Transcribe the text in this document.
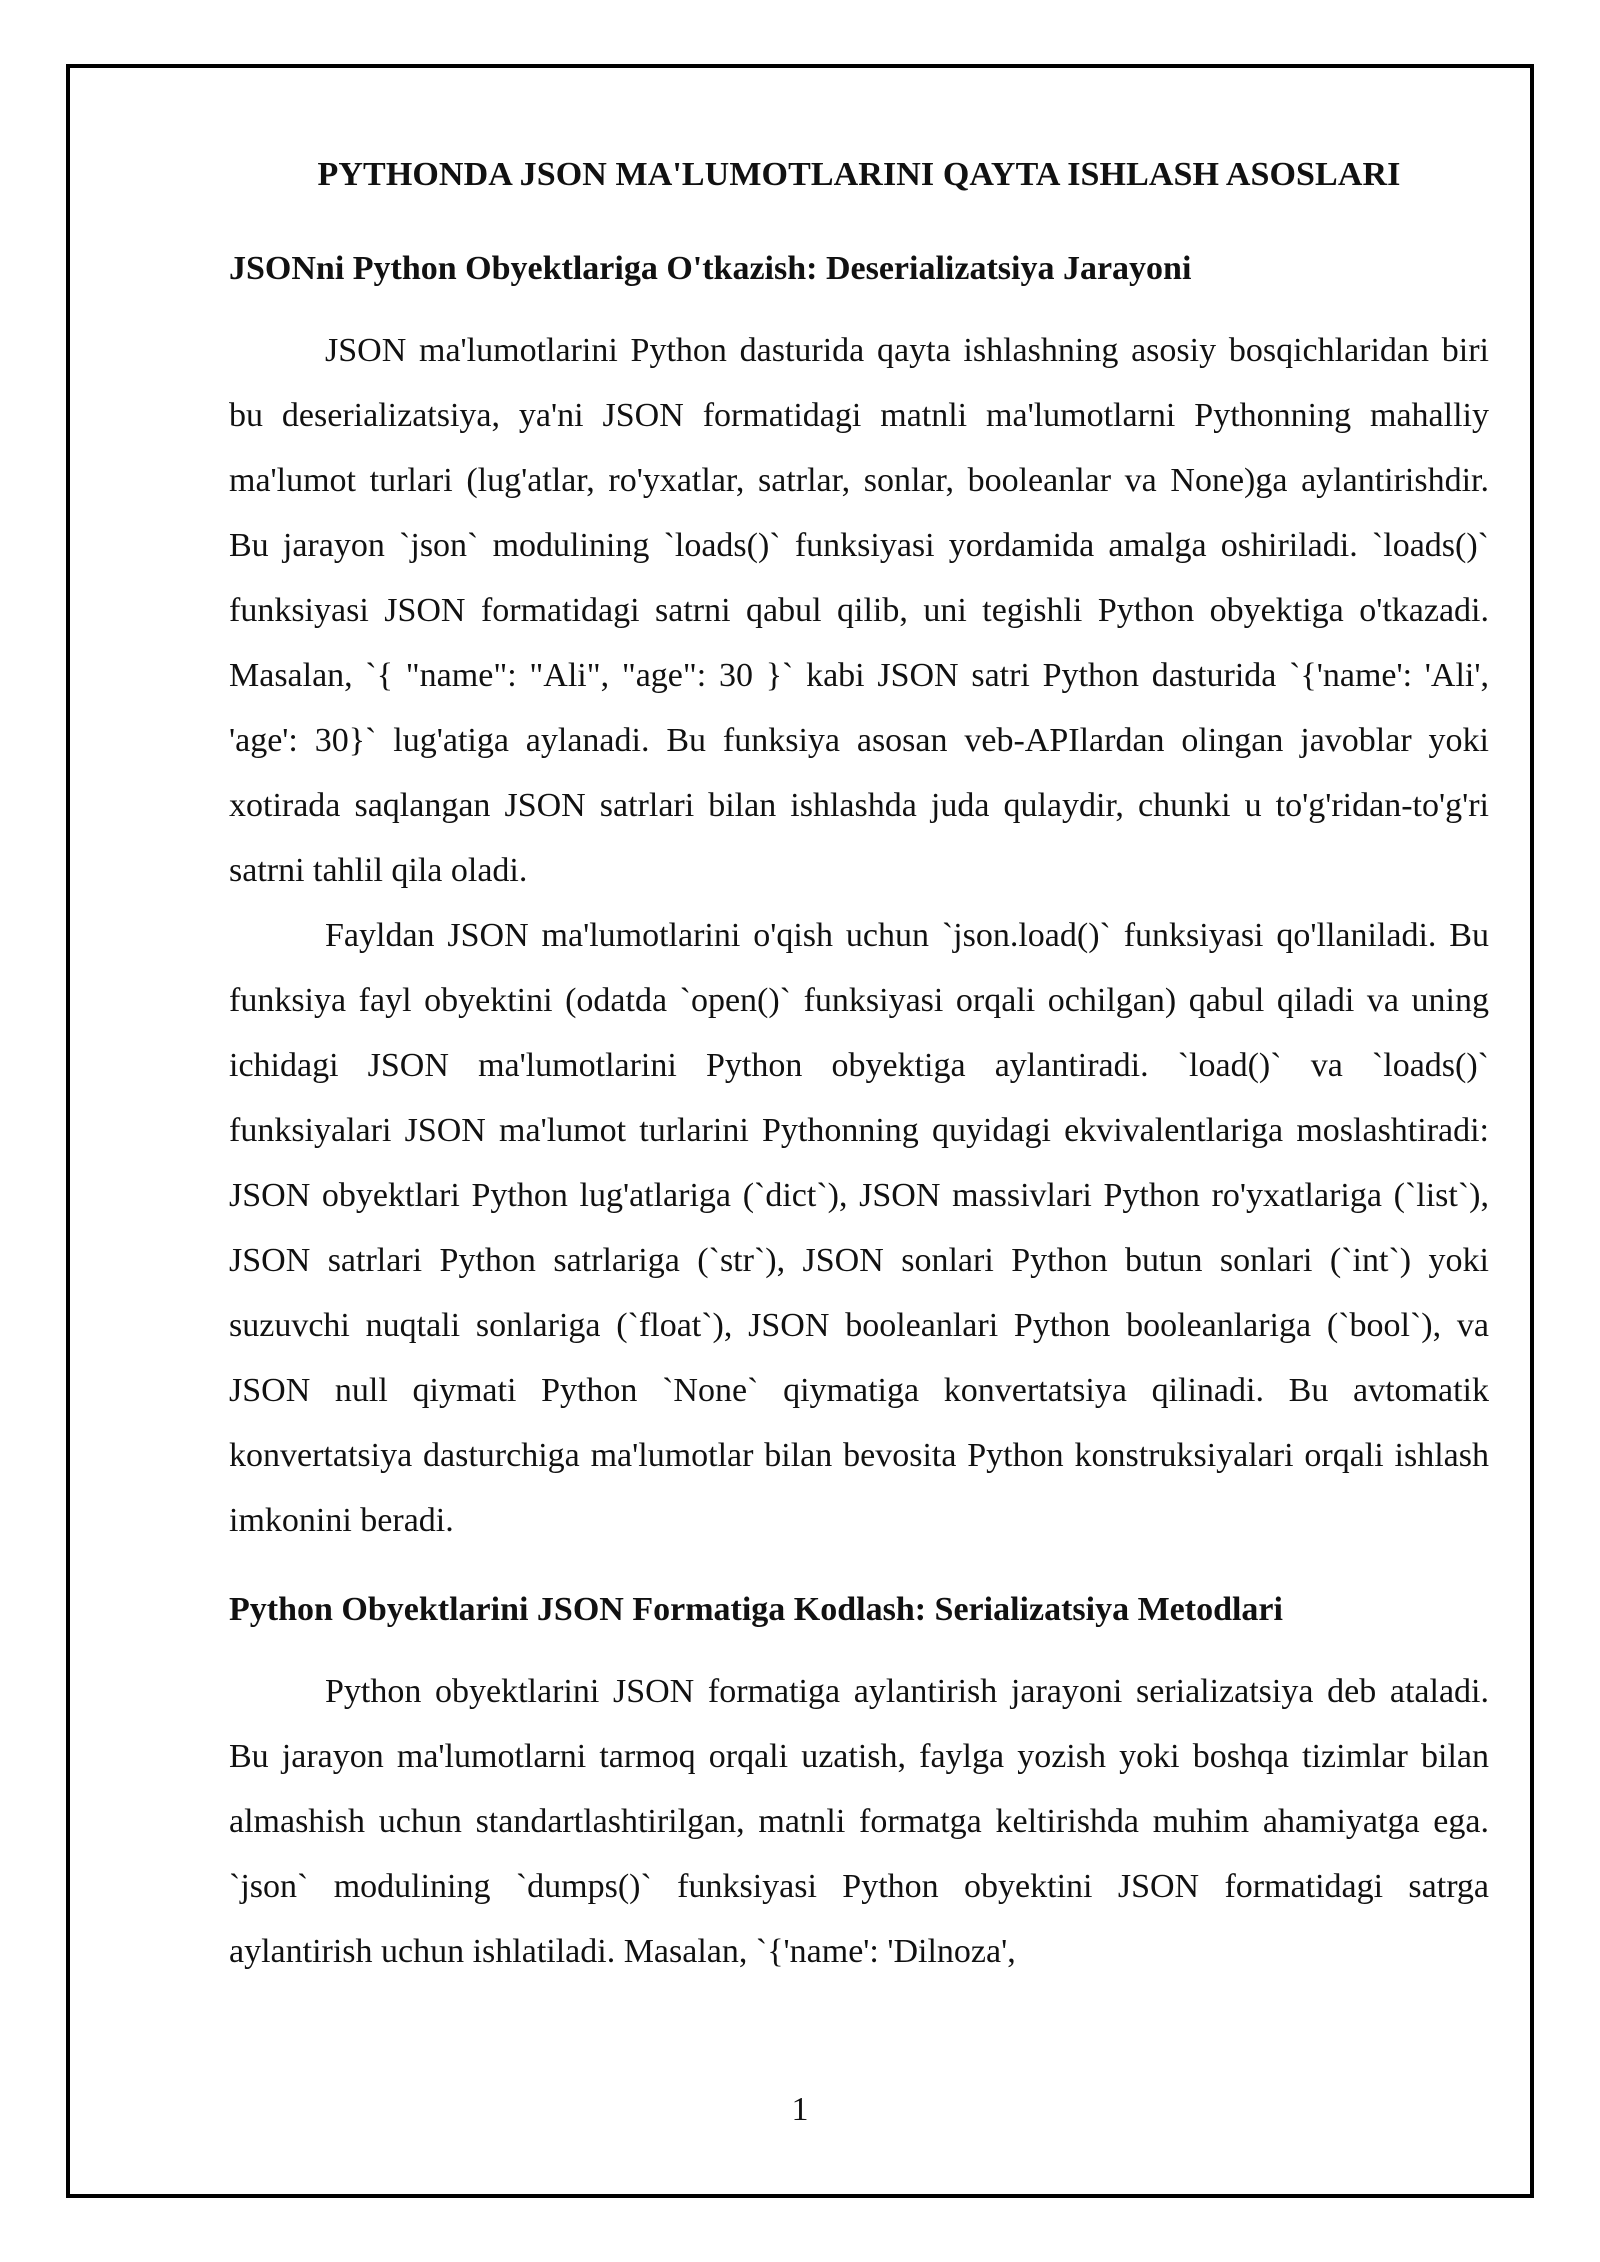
PYTHONDA JSON MA'LUMOTLARINI QAYTA ISHLASH ASOSLARI
JSONni Python Obyektlariga O'tkazish: Deserializatsiya Jarayoni

JSON ma'lumotlarini Python dasturida qayta ishlashning asosiy bosqichlaridan biri bu deserializatsiya, ya'ni JSON formatidagi matnli ma'lumotlarni Pythonning mahalliy ma'lumot turlari (lug'atlar, ro'yxatlar, satrlar, sonlar, booleanlar va None)ga aylantirishdir. Bu jarayon `json` modulining `loads()` funksiyasi yordamida amalga oshiriladi. `loads()` funksiyasi JSON formatidagi satrni qabul qilib, uni tegishli Python obyektiga o'tkazadi. Masalan, `{ "name": "Ali", "age": 30 }` kabi JSON satri Python dasturida `{'name': 'Ali', 'age': 30}` lug'atiga aylanadi. Bu funksiya asosan veb-APIlardan olingan javoblar yoki xotirada saqlangan JSON satrlari bilan ishlashda juda qulaydir, chunki u to'g'ridan-to'g'ri satrni tahlil qila oladi.

Fayldan JSON ma'lumotlarini o'qish uchun `json.load()` funksiyasi qo'llaniladi. Bu funksiya fayl obyektini (odatda `open()` funksiyasi orqali ochilgan) qabul qiladi va uning ichidagi JSON ma'lumotlarini Python obyektiga aylantiradi. `load()` va `loads()` funksiyalari JSON ma'lumot turlarini Pythonning quyidagi ekvivalentlariga moslashtiradi: JSON obyektlari Python lug'atlariga (`dict`), JSON massivlari Python ro'yxatlariga (`list`), JSON satrlari Python satrlariga (`str`), JSON sonlari Python butun sonlari (`int`) yoki suzuvchi nuqtali sonlariga (`float`), JSON booleanlari Python booleanlariga (`bool`), va JSON null qiymati Python `None` qiymatiga konvertatsiya qilinadi. Bu avtomatik konvertatsiya dasturchiga ma'lumotlar bilan bevosita Python konstruksiyalari orqali ishlash imkonini beradi.

Python Obyektlarini JSON Formatiga Kodlash: Serializatsiya Metodlari

Python obyektlarini JSON formatiga aylantirish jarayoni serializatsiya deb ataladi. Bu jarayon ma'lumotlarni tarmoq orqali uzatish, faylga yozish yoki boshqa tizimlar bilan almashish uchun standartlashtirilgan, matnli formatga keltirishda muhim ahamiyatga ega. `json` modulining `dumps()` funksiyasi Python obyektini JSON formatidagi satrga aylantirish uchun ishlatiladi. Masalan, `{'name': 'Dilnoza',

1
